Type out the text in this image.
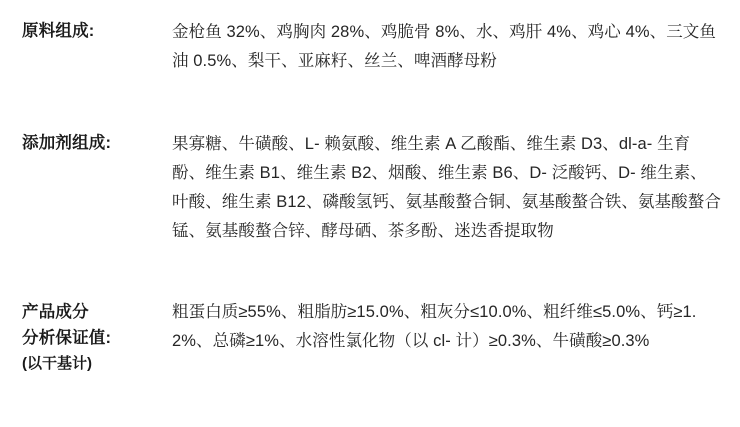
原料组成:	金枪鱼 32%、鸡胸肉 28%、鸡脆骨 8%、水、鸡肝 4%、鸡心 4%、三文鱼油 0.5%、梨干、亚麻籽、丝兰、啤酒酵母粉
添加剂组成:	果寡糖、牛磺酸、L- 赖氨酸、维生素 A 乙酸酯、维生素 D3、dl-a- 生育酚、维生素 B1、维生素 B2、烟酸、维生素 B6、D- 泛酸钙、D- 维生素、叶酸、维生素 B12、磷酸氢钙、氨基酸螯合铜、氨基酸螯合铁、氨基酸螯合锰、氨基酸螯合锌、酵母硒、茶多酚、迷迭香提取物
产品成分
分析保证值:
(以干基计)
粗蛋白质≥55%、粗脂肪≥15.0%、粗灰分≤10.0%、粗纤维≤5.0%、钙≥1.2%、总磷≥1%、水溶性氯化物（以 cl- 计）≥0.3%、牛磺酸≥0.3%
